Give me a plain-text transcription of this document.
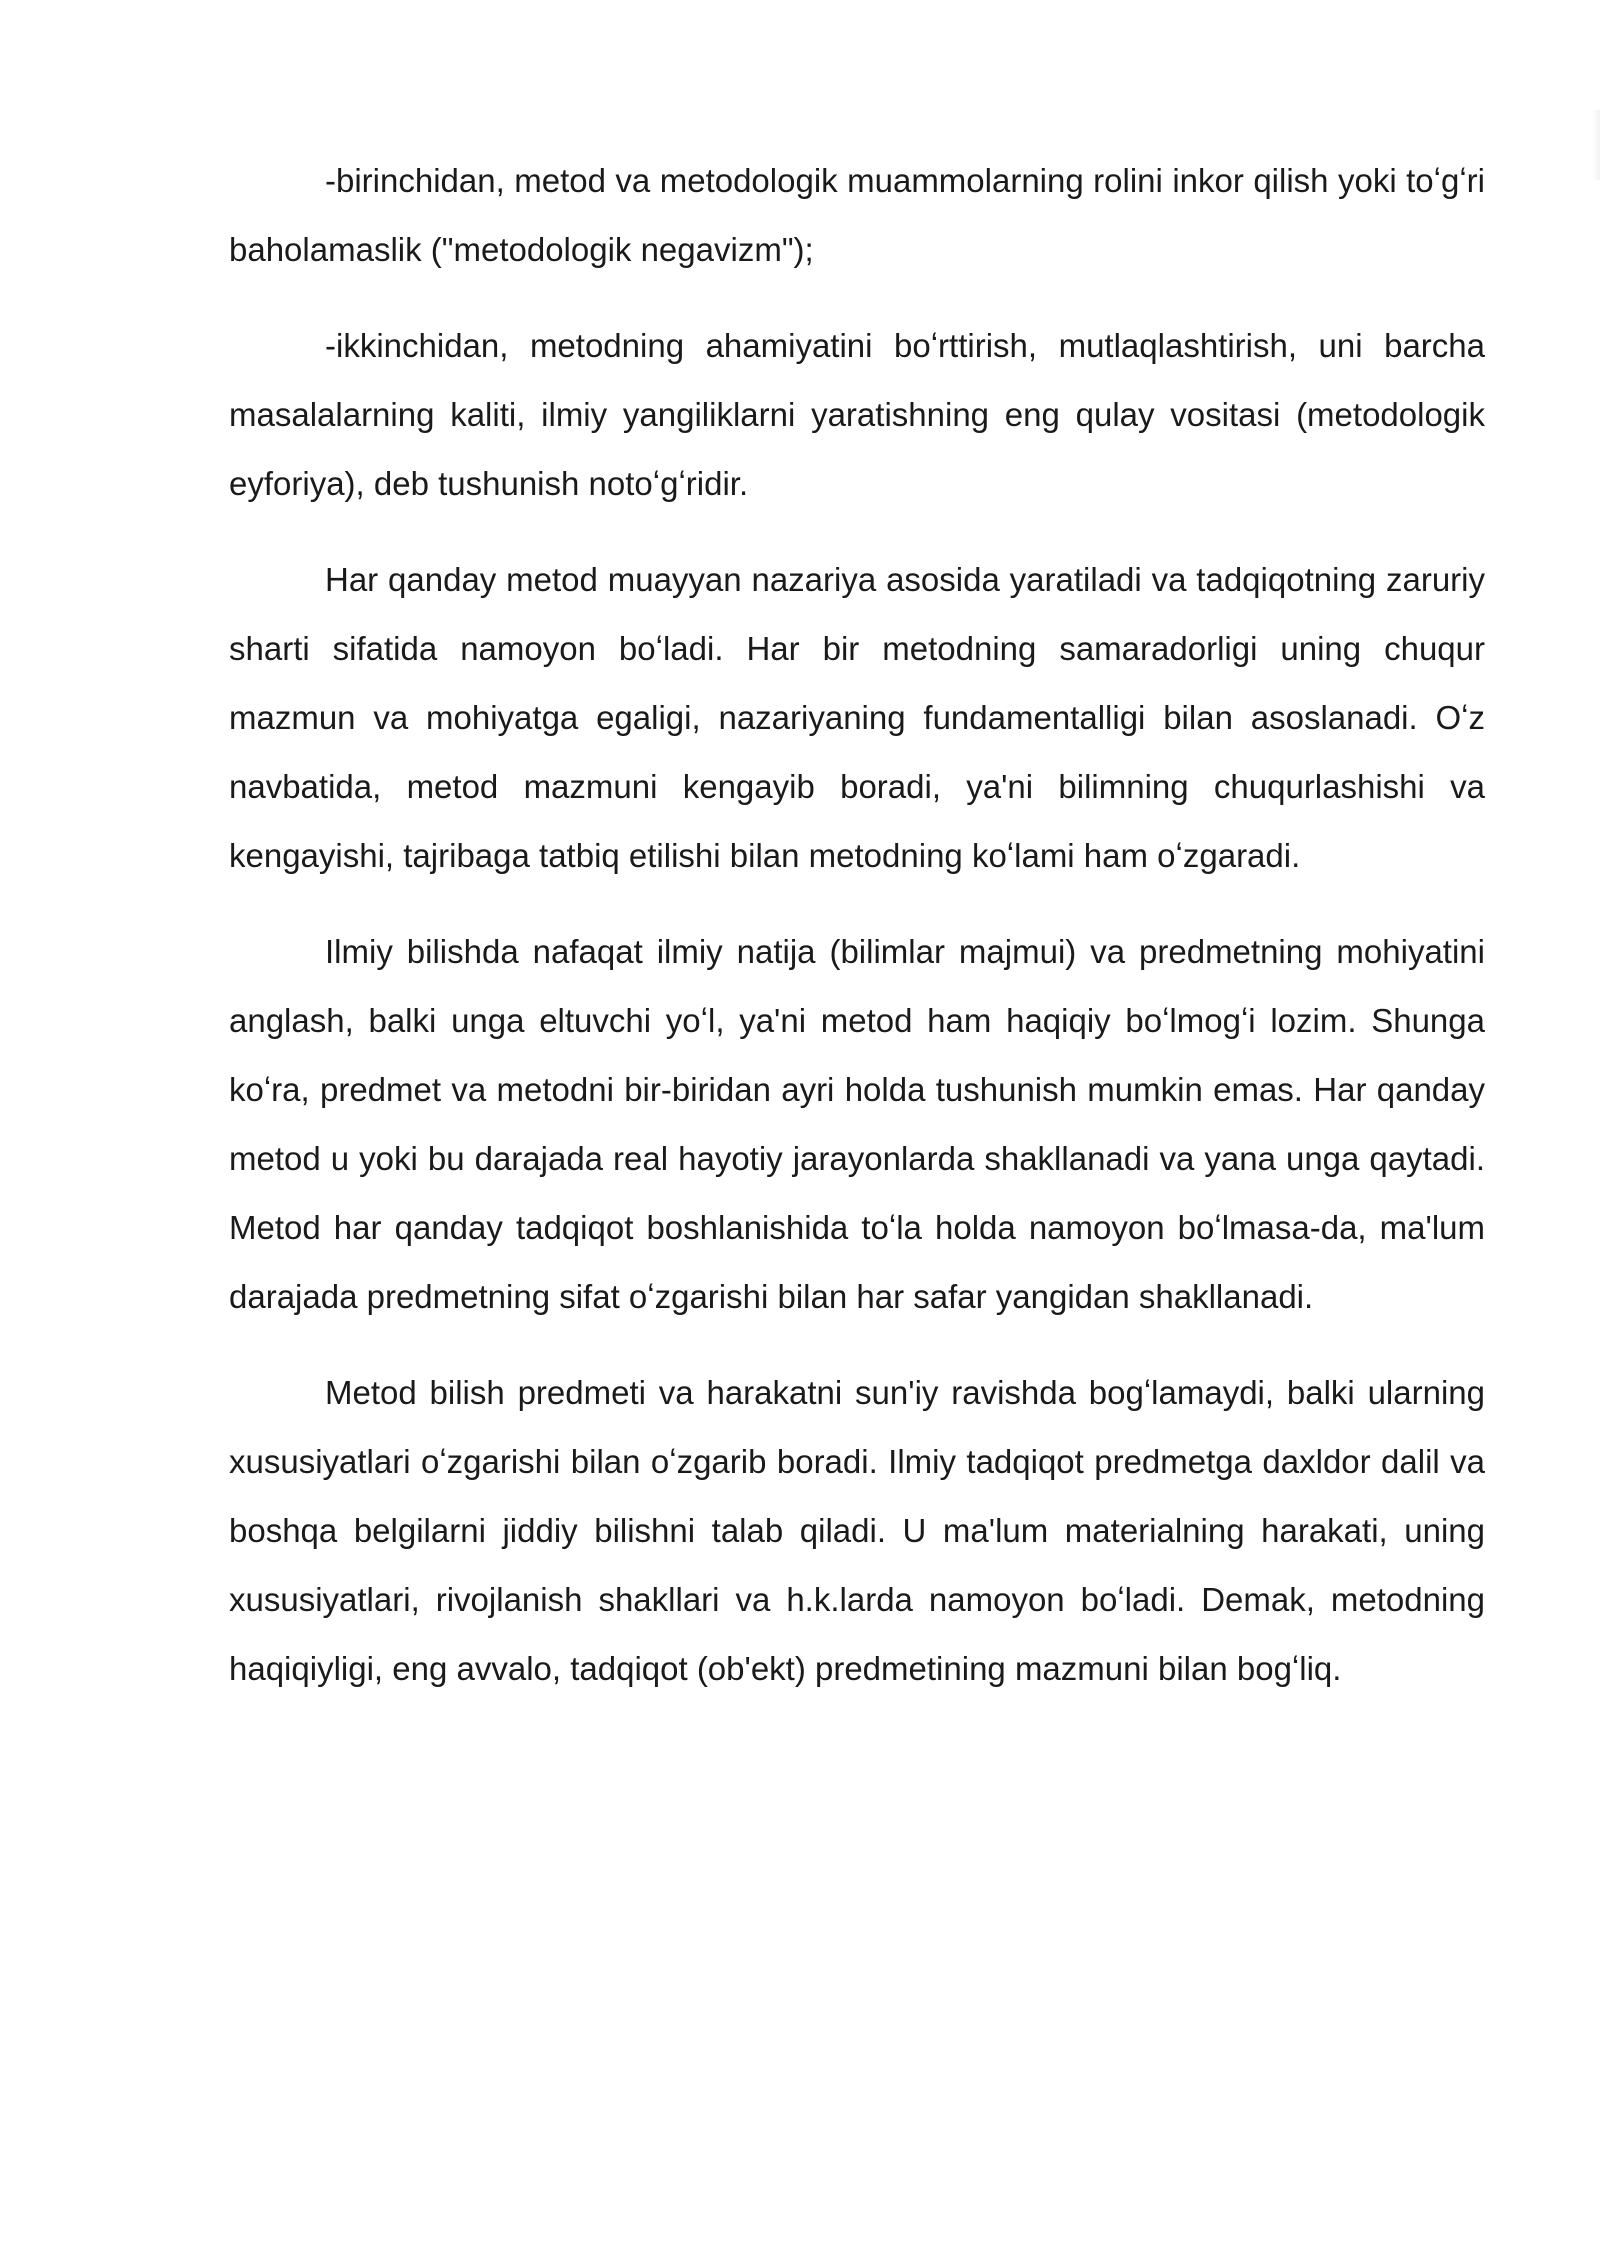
-birinchidan, metod va metodologik muammolarning rolini inkor qilish yoki toʻgʻri baholamaslik ("metodologik negavizm");

-ikkinchidan, metodning ahamiyatini boʻrttirish, mutlaqlashtirish, uni barcha masalalarning kaliti, ilmiy yangiliklarni yaratishning eng qulay vositasi (metodologik eyforiya), deb tushunish notoʻgʻridir.

Har qanday metod muayyan nazariya asosida yaratiladi va tadqiqotning zaruriy sharti sifatida namoyon boʻladi. Har bir metodning samaradorligi uning chuqur mazmun va mohiyatga egaligi, nazariyaning fundamentalligi bilan asoslanadi. Oʻz navbatida, metod mazmuni kengayib boradi, ya'ni bilimning chuqurlashishi va kengayishi, tajribaga tatbiq etilishi bilan metodning koʻlami ham oʻzgaradi.

Ilmiy bilishda nafaqat ilmiy natija (bilimlar majmui) va predmetning mohiyatini anglash, balki unga eltuvchi yoʻl, ya'ni metod ham haqiqiy boʻlmogʻi lozim. Shunga koʻra, predmet va metodni bir-biridan ayri holda tushunish mumkin emas. Har qanday metod u yoki bu darajada real hayotiy jarayonlarda shakllanadi va yana unga qaytadi. Metod har qanday tadqiqot boshlanishida toʻla holda namoyon boʻlmasa-da, ma'lum darajada predmetning sifat oʻzgarishi bilan har safar yangidan shakllanadi.

Metod bilish predmeti va harakatni sun'iy ravishda bogʻlamaydi, balki ularning xususiyatlari oʻzgarishi bilan oʻzgarib boradi. Ilmiy tadqiqot predmetga daxldor dalil va boshqa belgilarni jiddiy bilishni talab qiladi. U ma'lum materialning harakati, uning xususiyatlari, rivojlanish shakllari va h.k.larda namoyon boʻladi. Demak, metodning haqiqiyligi, eng avvalo, tadqiqot (ob'ekt) predmetining mazmuni bilan bogʻliq.
